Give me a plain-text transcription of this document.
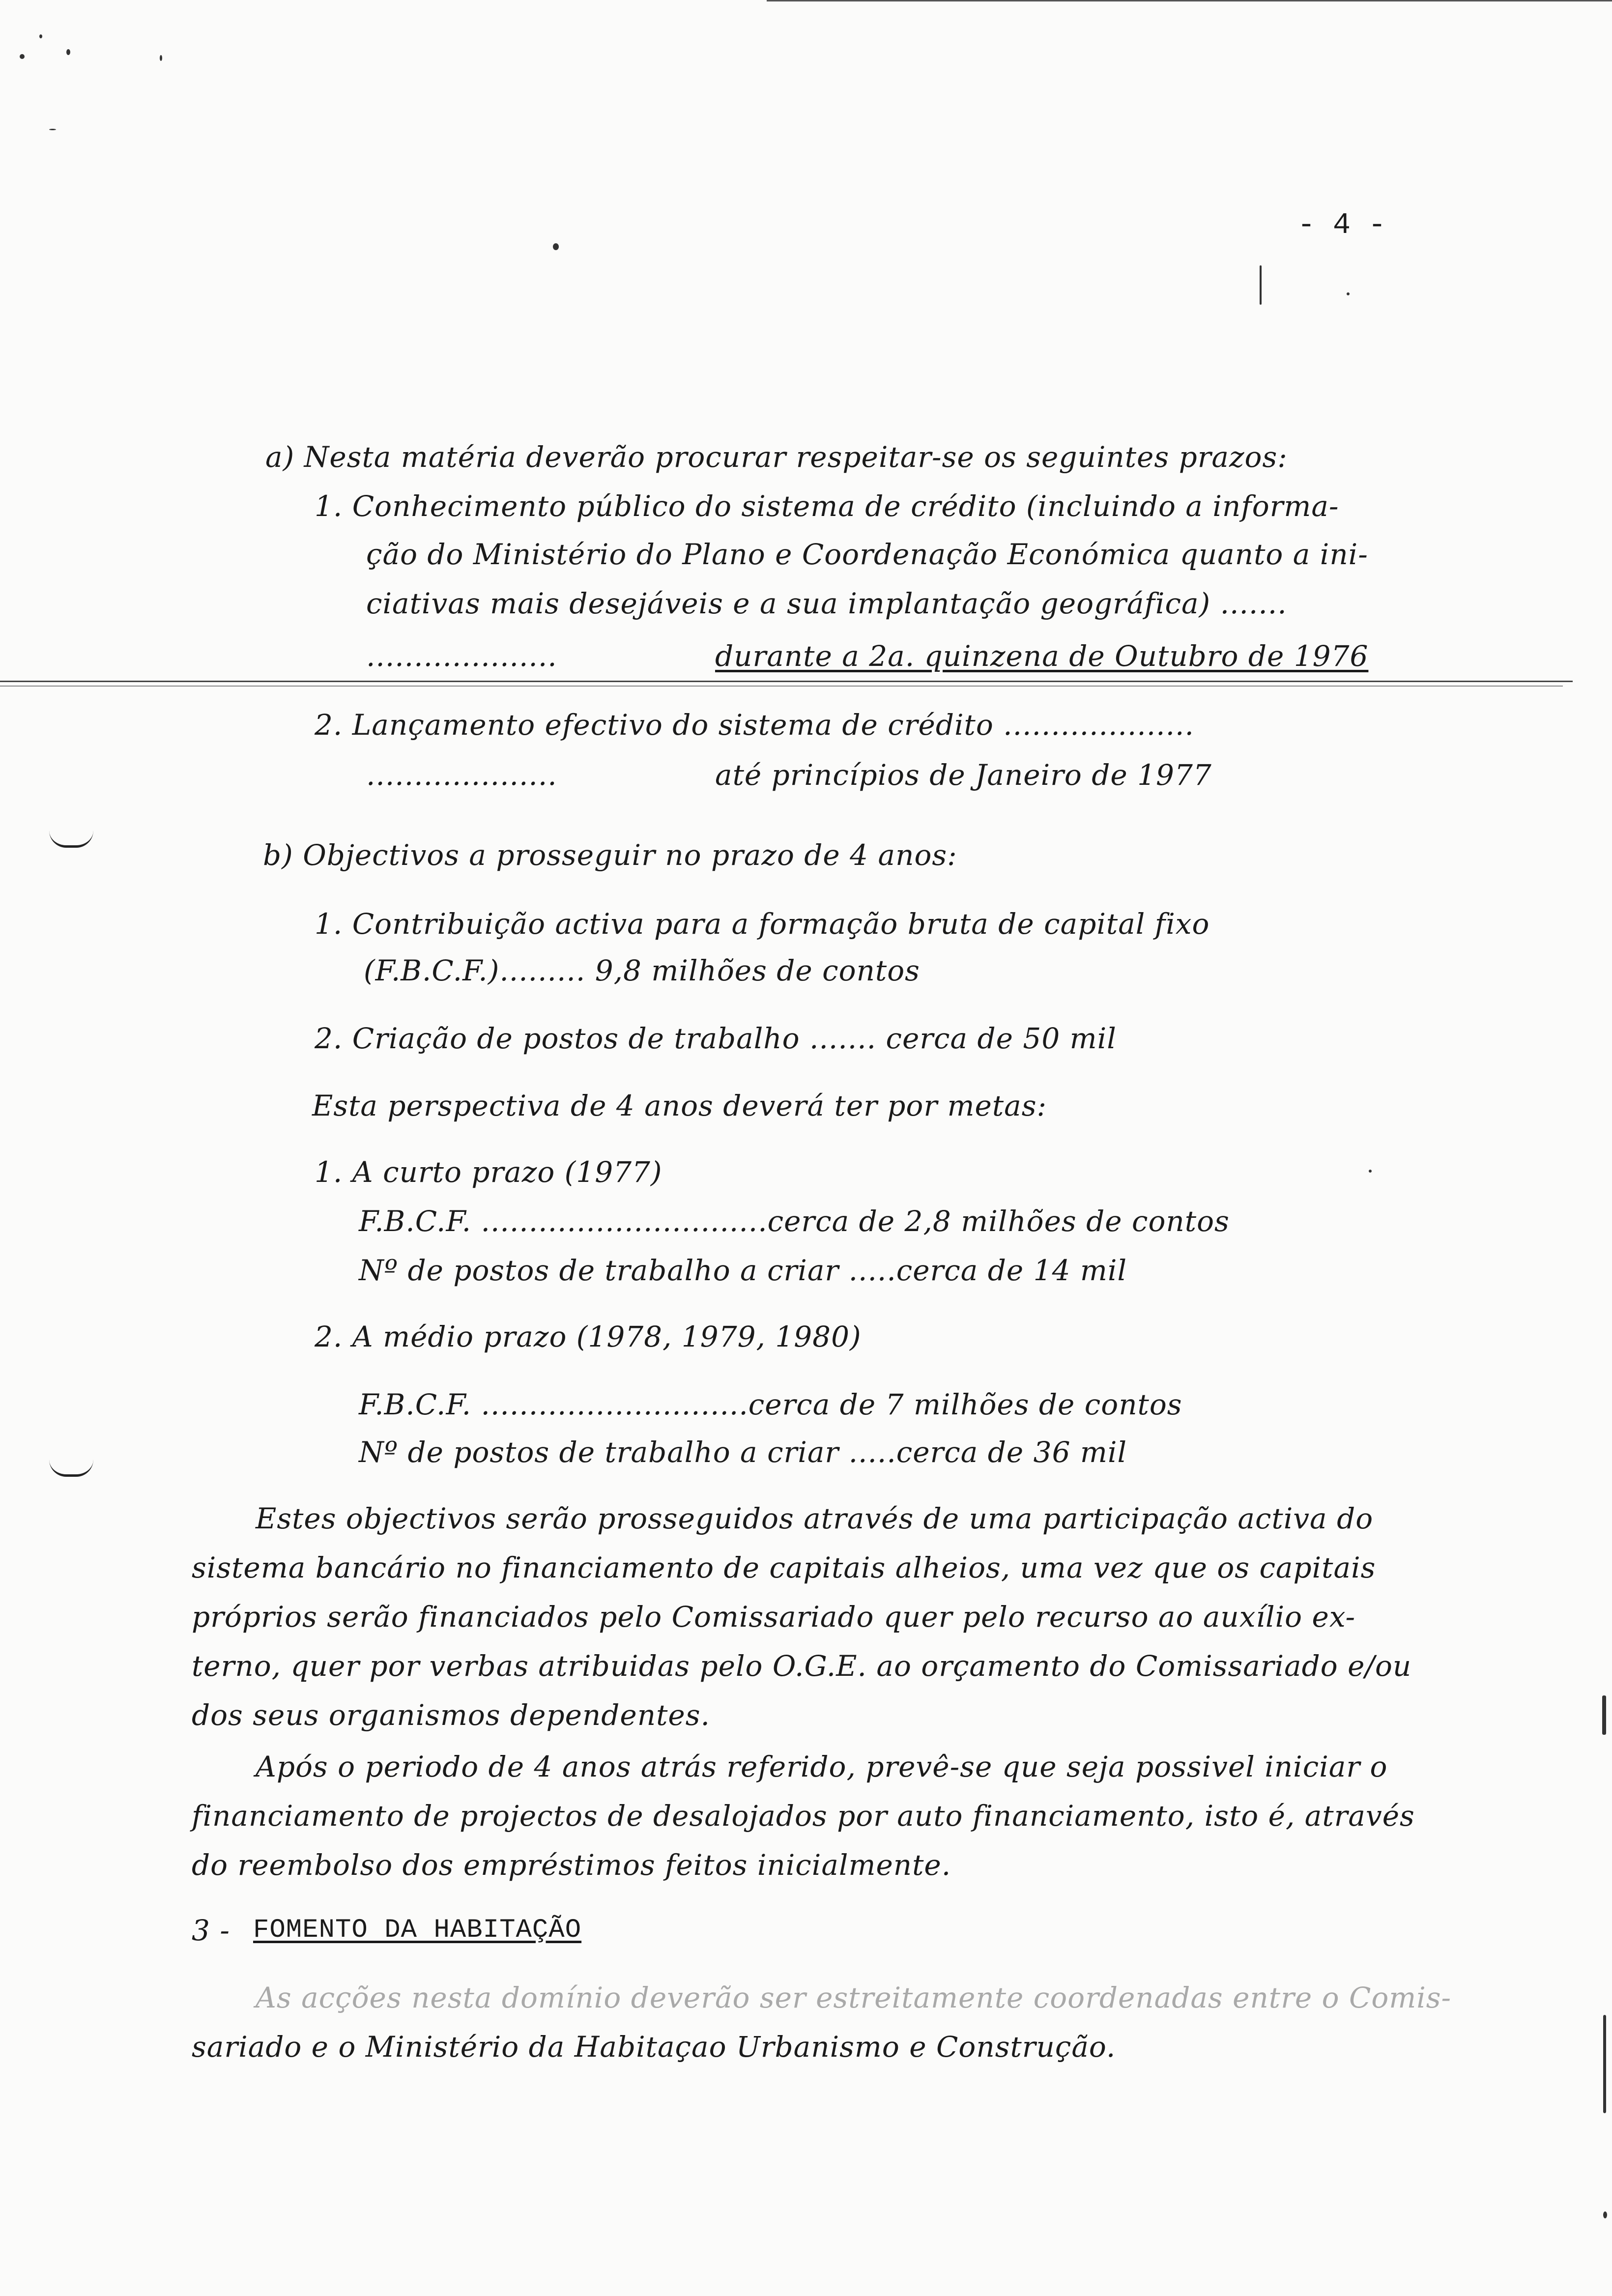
- 4 -
a) Nesta matéria deverão procurar respeitar-se os seguintes prazos:
1. Conhecimento público do sistema de crédito (incluindo a informa-
ção do Ministério do Plano e Coordenação Económica quanto a ini-
ciativas mais desejáveis e a sua implantação geográfica) .......
....................	durante a 2a. quinzena de Outubro de 1976
2. Lançamento efectivo do sistema de crédito ....................
....................	até princípios de Janeiro de 1977
b) Objectivos a prosseguir no prazo de 4 anos:
1. Contribuição activa para a formação bruta de capital fixo
(F.B.C.F.)......... 9,8 milhões de contos
2. Criação de postos de trabalho ....... cerca de 50 mil
Esta perspectiva de 4 anos deverá ter por metas:
1. A curto prazo (1977)
F.B.C.F. ..............................cerca de 2,8 milhões de contos
Nº de postos de trabalho a criar .....cerca de 14 mil
2. A médio prazo (1978, 1979, 1980)
F.B.C.F. ............................cerca de 7 milhões de contos
Nº de postos de trabalho a criar .....cerca de 36 mil
Estes objectivos serão prosseguidos através de uma participação activa do
sistema bancário no financiamento de capitais alheios, uma vez que os capitais
próprios serão financiados pelo Comissariado quer pelo recurso ao auxílio ex-
terno, quer por verbas atribuidas pelo O.G.E. ao orçamento do Comissariado e/ou
dos seus organismos dependentes.
Após o periodo de 4 anos atrás referido, prevê-se que seja possivel iniciar o
financiamento de projectos de desalojados por auto financiamento, isto é, através
do reembolso dos empréstimos feitos inicialmente.
3 - FOMENTO DA HABITAÇÃO
As acções nesta domínio deverão ser estreitamente coordenadas entre o Comis-
sariado e o Ministério da Habitaçao Urbanismo e Construção.
